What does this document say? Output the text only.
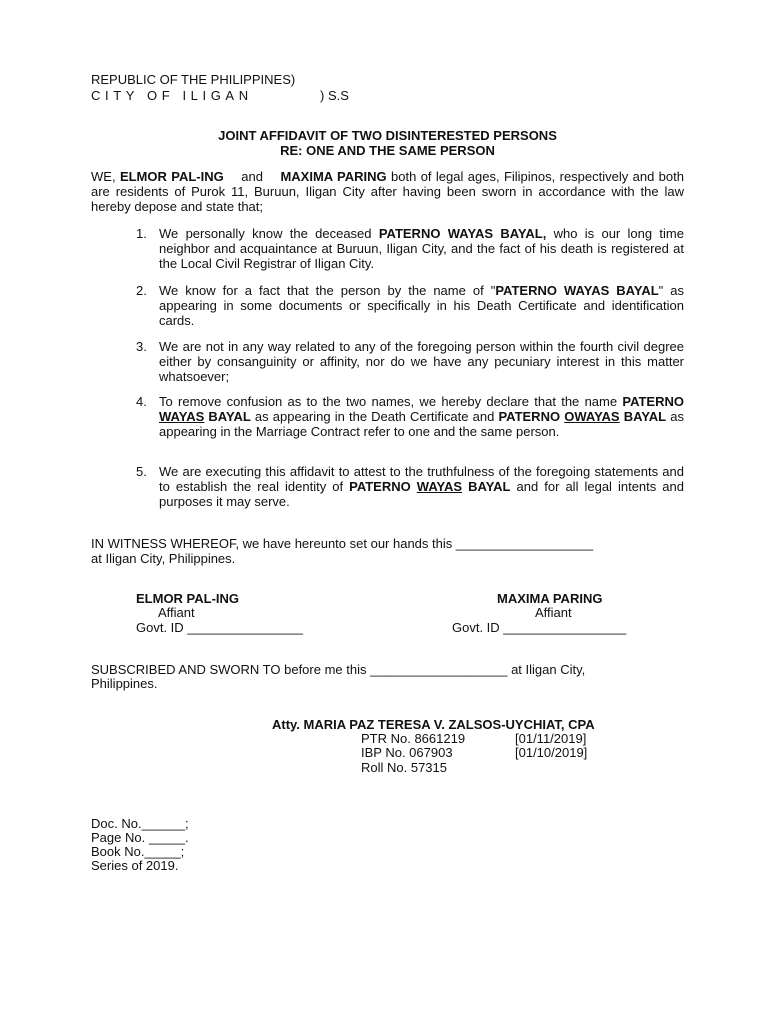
REPUBLIC OF THE PHILIPPINES)
CITY OF ILIGAN	) S.S
JOINT AFFIDAVIT OF TWO DISINTERESTED PERSONS
RE: ONE AND THE SAME PERSON
WE, ELMOR PAL-ING and MAXIMA PARING both of legal ages, Filipinos, respectively and both are residents of Purok 11, Buruun, Iligan City after having been sworn in accordance with the law hereby depose and state that;
1. We personally know the deceased PATERNO WAYAS BAYAL, who is our long time neighbor and acquaintance at Buruun, Iligan City, and the fact of his death is registered at the Local Civil Registrar of Iligan City.
2. We know for a fact that the person by the name of "PATERNO WAYAS BAYAL" as appearing in some documents or specifically in his Death Certificate and identification cards.
3. We are not in any way related to any of the foregoing person within the fourth civil degree either by consanguinity or affinity, nor do we have any pecuniary interest in this matter whatsoever;
4. To remove confusion as to the two names, we hereby declare that the name PATERNO WAYAS BAYAL as appearing in the Death Certificate and PATERNO OWAYAS BAYAL as appearing in the Marriage Contract refer to one and the same person.
5. We are executing this affidavit to attest to the truthfulness of the foregoing statements and to establish the real identity of PATERNO WAYAS BAYAL and for all legal intents and purposes it may serve.
IN WITNESS WHEREOF, we have hereunto set our hands this ___________________
at Iligan City, Philippines.
ELMOR PAL-ING
Affiant
Govt. ID ________________
MAXIMA PARING
Affiant
Govt. ID _________________
SUBSCRIBED AND SWORN TO before me this ___________________ at Iligan City,
Philippines.
Atty. MARIA PAZ TERESA V. ZALSOS-UYCHIAT, CPA
PTR No. 8661219	[01/11/2019]
IBP No. 067903	[01/10/2019]
Roll No. 57315
Doc. No.______;
Page No. _____.
Book No._____;
Series of 2019.
